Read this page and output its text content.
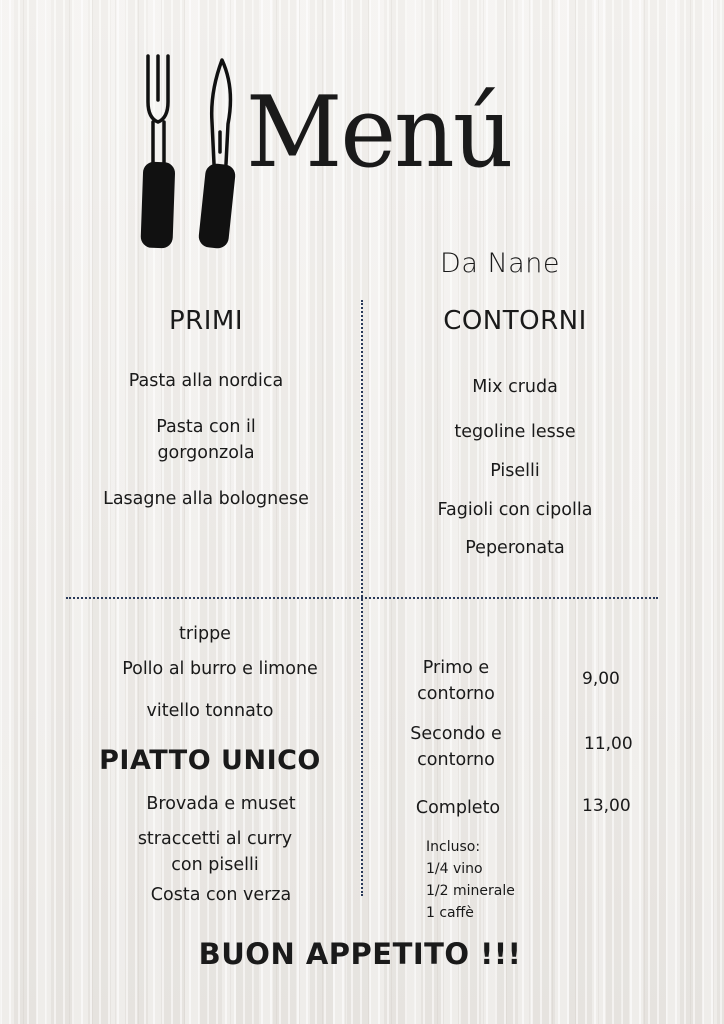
Menú
Da Nane
PRIMI
Pasta alla nordica
Pasta con il
gorgonzola
Lasagne alla bolognese
CONTORNI
Mix cruda
tegoline lesse
Piselli
Fagioli con cipolla
Peperonata
trippe
Pollo al burro e limone
vitello tonnato
PIATTO UNICO
Brovada e muset
straccetti al curry
con piselli
Costa con verza
Primo e
contorno
9,00
Secondo e
contorno
11,00
Completo	13,00
Incluso:
1/4 vino
1/2 minerale
1 caffè
BUON APPETITO !!!
